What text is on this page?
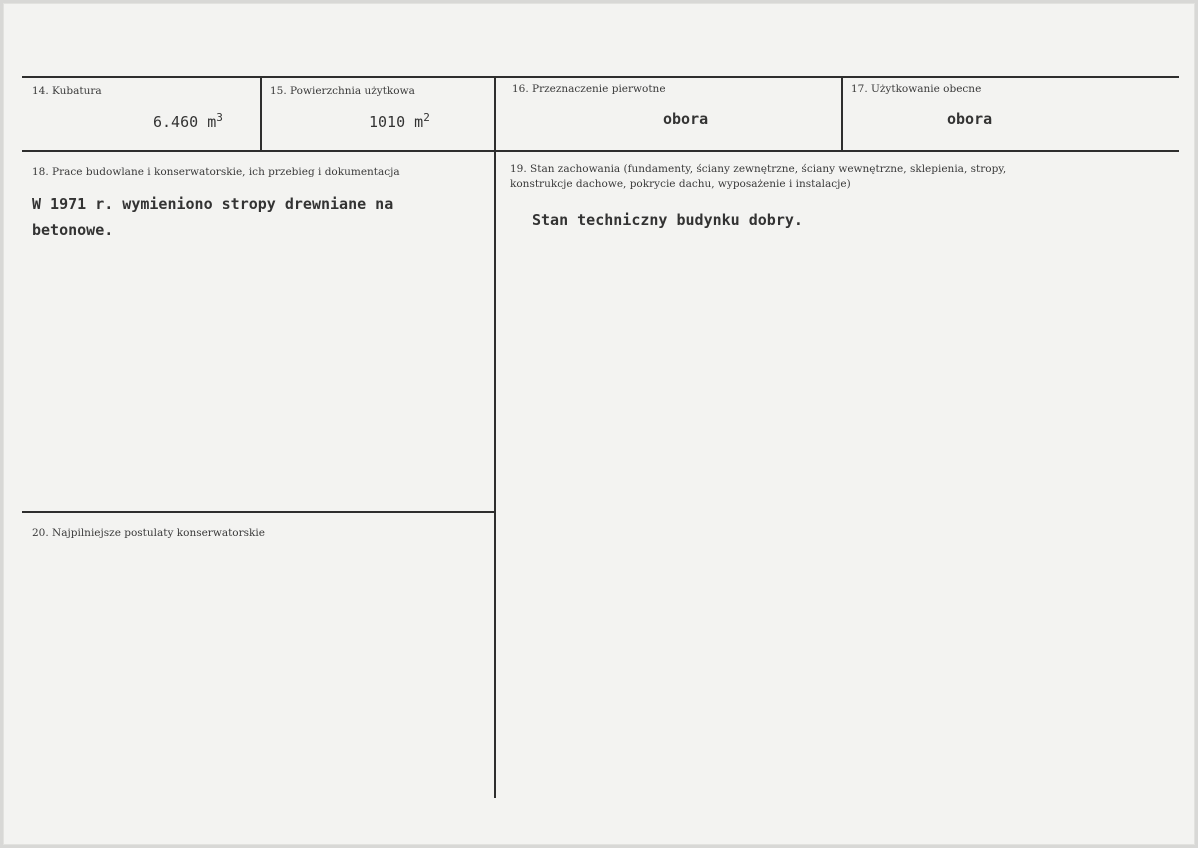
14. Kubatura
6.460 $m^3$
15. Powierzchnia użytkowa
1010 $m^2$
16. Przeznaczenie pierwotne
obora
17. Użytkowanie obecne
obora
18. Prace budowlane i konserwatorskie, ich przebieg i dokumentacja
W 1971 r. wymieniono stropy drewniane na
betonowe.
19. Stan zachowania (fundamenty, ściany zewnętrzne, ściany wewnętrzne, sklepienia, stropy,
konstrukcje dachowe, pokrycie dachu, wyposażenie i instalacje)
Stan techniczny budynku dobry.
20. Najpilniejsze postulaty konserwatorskie
